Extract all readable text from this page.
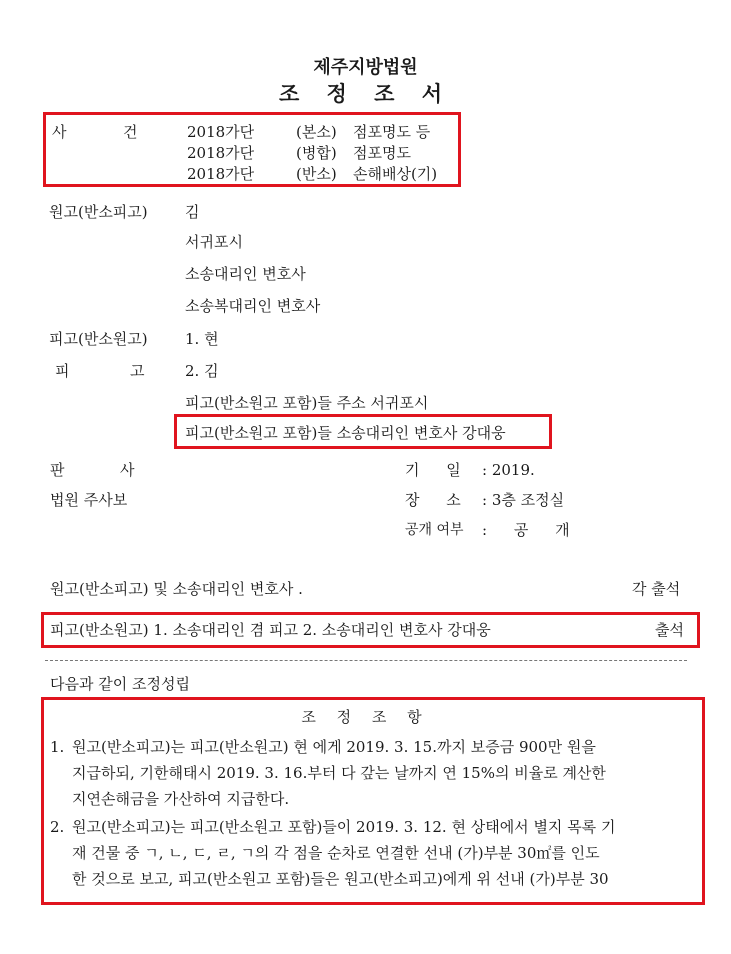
제주지방법원
조 정 조 서
사	건	2018가단	(본소) 점포명도 등
2018가단	(병합) 점포명도
2018가단	(반소) 손해배상(기)
원고(반소피고) 김
서귀포시
소송대리인 변호사
소송복대리인 변호사
피고(반소원고) 1. 현
피	고	2. 김
피고(반소원고 포함)들 주소 서귀포시
피고(반소원고 포함)들 소송대리인 변호사 강대웅
판	사
법원 주사보
기 일 : 2019.
장 소 : 3층 조정실
공개 여부 : 공 개
원고(반소피고) 및 소송대리인 변호사 .	각 출석
피고(반소원고) 1. 소송대리인 겸 피고 2. 소송대리인 변호사 강대웅	출석
다음과 같이 조정성립
조 정 조 항
1. 원고(반소피고)는 피고(반소원고) 현 에게 2019. 3. 15.까지 보증금 900만 원을
지급하되, 기한해태시 2019. 3. 16.부터 다 갚는 날까지 연 15%의 비율로 계산한
지연손해금을 가산하여 지급한다.
2. 원고(반소피고)는 피고(반소원고 포함)들이 2019. 3. 12. 현 상태에서 별지 목록 기
재 건물 중 ㄱ, ㄴ, ㄷ, ㄹ, ㄱ의 각 점을 순차로 연결한 선내 (가)부분 30㎡를 인도
한 것으로 보고, 피고(반소원고 포함)들은 원고(반소피고)에게 위 선내 (가)부분 30
